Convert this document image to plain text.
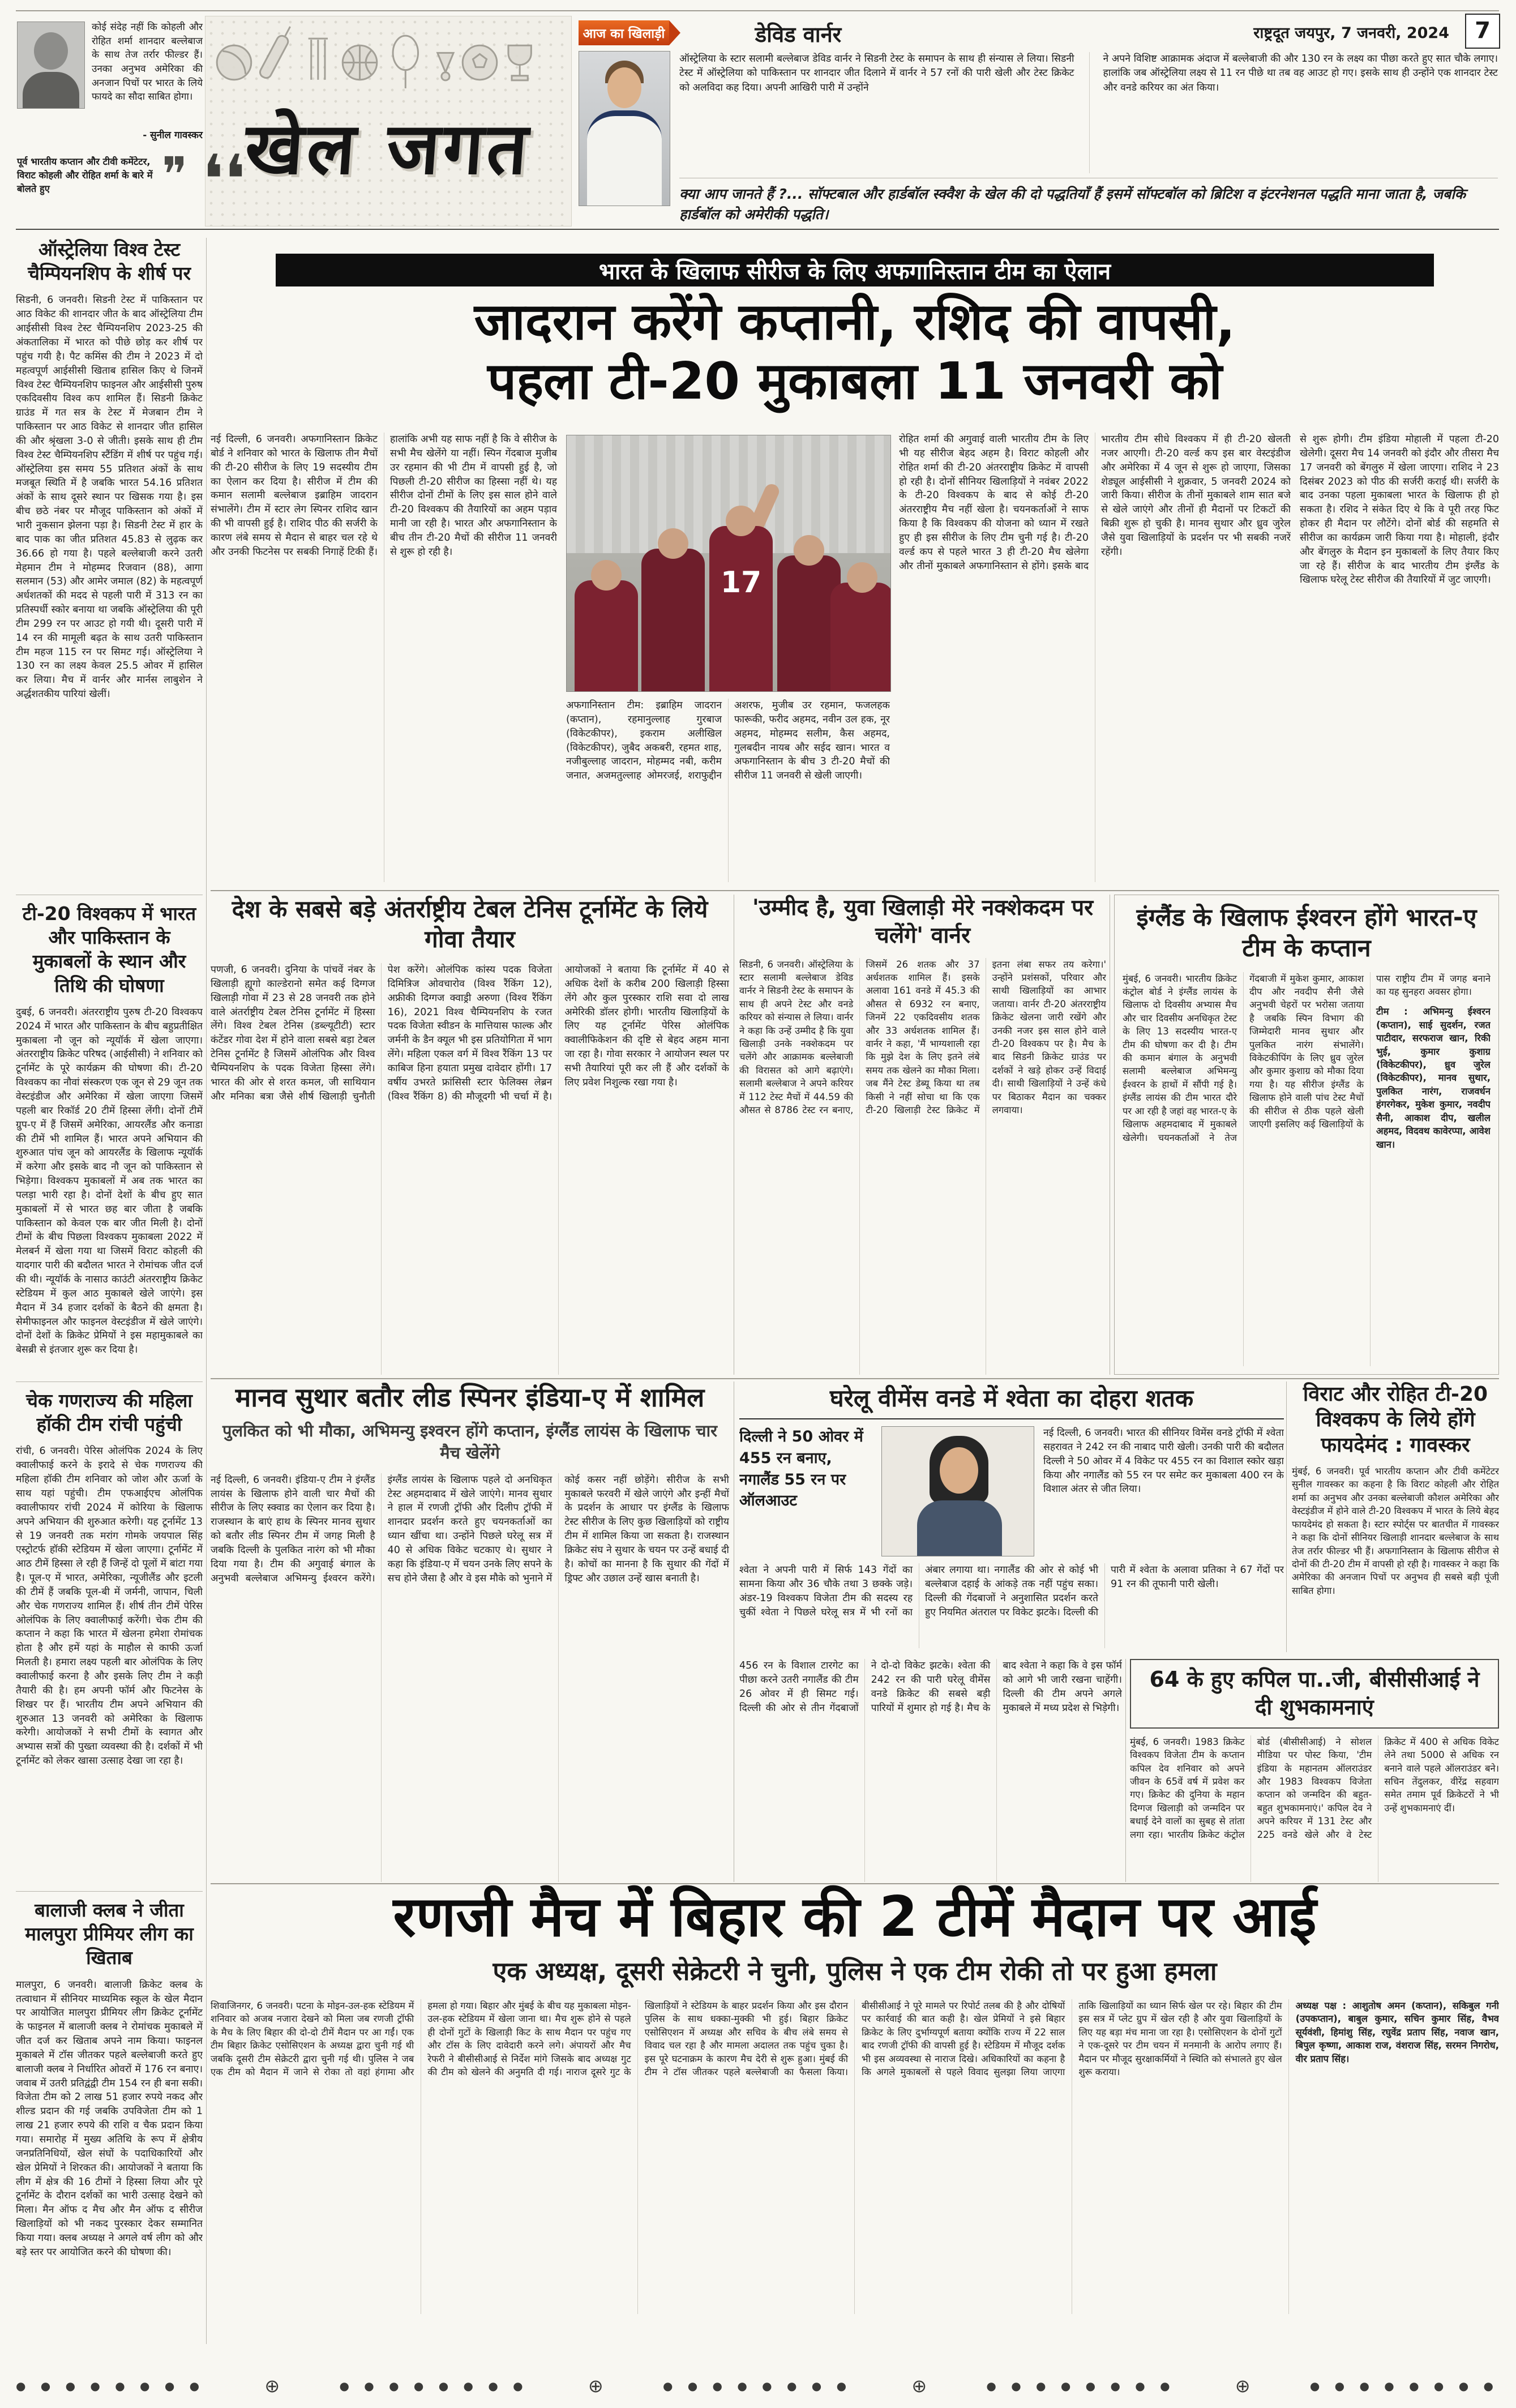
कोई संदेह नहीं कि कोहली और रोहित शर्मा शानदार बल्लेबाज के साथ तेज तर्रार फील्डर हैं। उनका अनुभव अमेरिका की अनजान पिचों पर भारत के लिये फायदे का सौदा साबित होगा।
- सुनील गावस्कर
पूर्व भारतीय कप्तान और टीवी कमेंटेटर, विराट कोहली और रोहित शर्मा के बारे में बोलते हुए	❞ ❛❛
खेल जगत
आज का खिलाड़ी	डेविड वार्नर	राष्ट्रदूत जयपुर, 7 जनवरी, 2024	7
ऑस्ट्रेलिया के स्टार सलामी बल्लेबाज डेविड वार्नर ने सिडनी टेस्ट के समापन के साथ ही संन्यास ले लिया। सिडनी टेस्ट में ऑस्ट्रेलिया को पाकिस्तान पर शानदार जीत दिलाने में वार्नर ने 57 रनों की पारी खेली और टेस्ट क्रिकेट को अलविदा कह दिया। अपनी आखिरी पारी में उन्होंने
ने अपने विशिष्ट आक्रामक अंदाज में बल्लेबाजी की और 130 रन के लक्ष्य का पीछा करते हुए सात चौके लगाए। हालांकि जब ऑस्ट्रेलिया लक्ष्य से 11 रन पीछे था तब वह आउट हो गए। इसके साथ ही उन्होंने एक शानदार टेस्ट और वनडे करियर का अंत किया।
क्या आप जानते हैं ?... सॉफ्टबाल और हार्डबॉल स्क्वैश के खेल की दो पद्धतियाँ हैं इसमें सॉफ्टबॉल को ब्रिटिश व इंटरनेशनल पद्धति माना जाता है, जबकि हार्डबॉल को अमेरीकी पद्धति।
ऑस्ट्रेलिया विश्व टेस्ट चैम्पियनशिप के शीर्ष पर
सिडनी, 6 जनवरी। सिडनी टेस्ट में पाकिस्तान पर आठ विकेट की शानदार जीत के बाद ऑस्ट्रेलिया टीम आईसीसी विश्व टेस्ट चैम्पियनशिप 2023-25 की अंकतालिका में भारत को पीछे छोड़ कर शीर्ष पर पहुंच गयी है। पैट कमिंस की टीम ने 2023 में दो महत्वपूर्ण आईसीसी खिताब हासिल किए थे जिनमें विश्व टेस्ट चैम्पियनशिप फाइनल और आईसीसी पुरुष एकदिवसीय विश्व कप शामिल हैं। सिडनी क्रिकेट ग्राउंड में गत सत्र के टेस्ट में मेजबान टीम ने पाकिस्तान पर आठ विकेट से शानदार जीत हासिल की और श्रृंखला 3-0 से जीती। इसके साथ ही टीम विश्व टेस्ट चैम्पियनशिप स्टैंडिंग में शीर्ष पर पहुंच गई। ऑस्ट्रेलिया इस समय 55 प्रतिशत अंकों के साथ मजबूत स्थिति में है जबकि भारत 54.16 प्रतिशत अंकों के साथ दूसरे स्थान पर खिसक गया है। इस बीच छठे नंबर पर मौजूद पाकिस्तान को अंकों में भारी नुकसान झेलना पड़ा है। सिडनी टेस्ट में हार के बाद पाक का जीत प्रतिशत 45.83 से लुढ़क कर 36.66 हो गया है। पहले बल्लेबाजी करने उतरी मेहमान टीम ने मोहम्मद रिजवान (88), आगा सलमान (53) और आमेर जमाल (82) के महत्वपूर्ण अर्धशतकों की मदद से पहली पारी में 313 रन का प्रतिस्पर्धी स्कोर बनाया था जबकि ऑस्ट्रेलिया की पूरी टीम 299 रन पर आउट हो गयी थी। दूसरी पारी में 14 रन की मामूली बढ़त के साथ उतरी पाकिस्तान टीम महज 115 रन पर सिमट गई। ऑस्ट्रेलिया ने 130 रन का लक्ष्य केवल 25.5 ओवर में हासिल कर लिया। मैच में वार्नर और मार्नस लाबुशेन ने अर्द्धशतकीय पारियां खेलीं।
टी-20 विश्वकप में भारत और पाकिस्तान के मुकाबलों के स्थान और तिथि की घोषणा
दुबई, 6 जनवरी। अंतरराष्ट्रीय पुरुष टी-20 विश्वकप 2024 में भारत और पाकिस्तान के बीच बहुप्रतीक्षित मुकाबला नौ जून को न्यूयॉर्क में खेला जाएगा। अंतरराष्ट्रीय क्रिकेट परिषद (आईसीसी) ने शनिवार को टूर्नामेंट के पूरे कार्यक्रम की घोषणा की। टी-20 विश्वकप का नौवां संस्करण एक जून से 29 जून तक वेस्टइंडीज और अमेरिका में खेला जाएगा जिसमें पहली बार रिकॉर्ड 20 टीमें हिस्सा लेंगी। दोनों टीमें ग्रुप-ए में हैं जिसमें अमेरिका, आयरलैंड और कनाडा की टीमें भी शामिल हैं। भारत अपने अभियान की शुरुआत पांच जून को आयरलैंड के खिलाफ न्यूयॉर्क में करेगा और इसके बाद नौ जून को पाकिस्तान से भिड़ेगा। विश्वकप मुकाबलों में अब तक भारत का पलड़ा भारी रहा है। दोनों देशों के बीच हुए सात मुकाबलों में से भारत छह बार जीता है जबकि पाकिस्तान को केवल एक बार जीत मिली है। दोनों टीमों के बीच पिछला विश्वकप मुकाबला 2022 में मेलबर्न में खेला गया था जिसमें विराट कोहली की यादगार पारी की बदौलत भारत ने रोमांचक जीत दर्ज की थी। न्यूयॉर्क के नासाउ काउंटी अंतरराष्ट्रीय क्रिकेट स्टेडियम में कुल आठ मुकाबले खेले जाएंगे। इस मैदान में 34 हजार दर्शकों के बैठने की क्षमता है। सेमीफाइनल और फाइनल वेस्टइंडीज में खेले जाएंगे। दोनों देशों के क्रिकेट प्रेमियों ने इस महामुकाबले का बेसब्री से इंतजार शुरू कर दिया है।
चेक गणराज्य की महिला हॉकी टीम रांची पहुंची
रांची, 6 जनवरी। पेरिस ओलंपिक 2024 के लिए क्वालीफाई करने के इरादे से चेक गणराज्य की महिला हॉकी टीम शनिवार को जोश और ऊर्जा के साथ यहां पहुंची। टीम एफआईएच ओलंपिक क्वालीफायर रांची 2024 में कोरिया के खिलाफ अपने अभियान की शुरुआत करेगी। यह टूर्नामेंट 13 से 19 जनवरी तक मरांग गोमके जयपाल सिंह एस्ट्रोटर्फ हॉकी स्टेडियम में खेला जाएगा। टूर्नामेंट में आठ टीमें हिस्सा ले रही हैं जिन्हें दो पूलों में बांटा गया है। पूल-ए में भारत, अमेरिका, न्यूजीलैंड और इटली की टीमें हैं जबकि पूल-बी में जर्मनी, जापान, चिली और चेक गणराज्य शामिल हैं। शीर्ष तीन टीमें पेरिस ओलंपिक के लिए क्वालीफाई करेंगी। चेक टीम की कप्तान ने कहा कि भारत में खेलना हमेशा रोमांचक होता है और हमें यहां के माहौल से काफी ऊर्जा मिलती है। हमारा लक्ष्य पहली बार ओलंपिक के लिए क्वालीफाई करना है और इसके लिए टीम ने कड़ी तैयारी की है। हम अपनी फॉर्म और फिटनेस के शिखर पर हैं। भारतीय टीम अपने अभियान की शुरुआत 13 जनवरी को अमेरिका के खिलाफ करेगी। आयोजकों ने सभी टीमों के स्वागत और अभ्यास सत्रों की पुख्ता व्यवस्था की है। दर्शकों में भी टूर्नामेंट को लेकर खासा उत्साह देखा जा रहा है।
बालाजी क्लब ने जीता मालपुरा प्रीमियर लीग का खिताब
मालपुरा, 6 जनवरी। बालाजी क्रिकेट क्लब के तत्वाधान में सीनियर माध्यमिक स्कूल के खेल मैदान पर आयोजित मालपुरा प्रीमियर लीग क्रिकेट टूर्नामेंट के फाइनल में बालाजी क्लब ने रोमांचक मुकाबले में जीत दर्ज कर खिताब अपने नाम किया। फाइनल मुकाबले में टॉस जीतकर पहले बल्लेबाजी करते हुए बालाजी क्लब ने निर्धारित ओवरों में 176 रन बनाए। जवाब में उतरी प्रतिद्वंद्वी टीम 154 रन ही बना सकी। विजेता टीम को 2 लाख 51 हजार रुपये नकद और शील्ड प्रदान की गई जबकि उपविजेता टीम को 1 लाख 21 हजार रुपये की राशि व चैक प्रदान किया गया। समारोह में मुख्य अतिथि के रूप में क्षेत्रीय जनप्रतिनिधियों, खेल संघों के पदाधिकारियों और खेल प्रेमियों ने शिरकत की। आयोजकों ने बताया कि लीग में क्षेत्र की 16 टीमों ने हिस्सा लिया और पूरे टूर्नामेंट के दौरान दर्शकों का भारी उत्साह देखने को मिला। मैन ऑफ द मैच और मैन ऑफ द सीरीज खिलाड़ियों को भी नकद पुरस्कार देकर सम्मानित किया गया। क्लब अध्यक्ष ने अगले वर्ष लीग को और बड़े स्तर पर आयोजित करने की घोषणा की।
भारत के खिलाफ सीरीज के लिए अफगानिस्तान टीम का ऐलान
जादरान करेंगे कप्तानी, रशिद की वापसी,
पहला टी-20 मुकाबला 11 जनवरी को
नई दिल्ली, 6 जनवरी। अफगानिस्तान क्रिकेट बोर्ड ने शनिवार को भारत के खिलाफ तीन मैचों की टी-20 सीरीज के लिए 19 सदस्यीय टीम का ऐलान कर दिया है। सीरीज में टीम की कमान सलामी बल्लेबाज इब्राहिम जादरान संभालेंगे। टीम में स्टार लेग स्पिनर राशिद खान की भी वापसी हुई है। राशिद पीठ की सर्जरी के कारण लंबे समय से मैदान से बाहर चल रहे थे और उनकी फिटनेस पर सबकी निगाहें टिकी हैं। हालांकि अभी यह साफ नहीं है कि वे सीरीज के सभी मैच खेलेंगे या नहीं। स्पिन गेंदबाज मुजीब उर रहमान की भी टीम में वापसी हुई है, जो पिछली टी-20 सीरीज का हिस्सा नहीं थे। यह सीरीज दोनों टीमों के लिए इस साल होने वाले टी-20 विश्वकप की तैयारियों का अहम पड़ाव मानी जा रही है। भारत और अफगानिस्तान के बीच तीन टी-20 मैचों की सीरीज 11 जनवरी से शुरू हो रही है।
17
अफगानिस्तान टीम: इब्राहिम जादरान (कप्तान), रहमानुल्लाह गुरबाज (विकेटकीपर), इकराम अलीखिल (विकेटकीपर), जुबैद अकबरी, रहमत शाह, नजीबुल्लाह जादरान, मोहम्मद नबी, करीम जनात, अजमतुल्लाह ओमरजई, शराफुद्दीन अशरफ, मुजीब उर रहमान, फजलहक फारूकी, फरीद अहमद, नवीन उल हक, नूर अहमद, मोहम्मद सलीम, कैस अहमद, गुलबदीन नायब और सईद खान। भारत व अफगानिस्तान के बीच 3 टी-20 मैचों की सीरीज 11 जनवरी से खेली जाएगी।
रोहित शर्मा की अगुवाई वाली भारतीय टीम के लिए भी यह सीरीज बेहद अहम है। विराट कोहली और रोहित शर्मा की टी-20 अंतरराष्ट्रीय क्रिकेट में वापसी हो रही है। दोनों सीनियर खिलाड़ियों ने नवंबर 2022 के टी-20 विश्वकप के बाद से कोई टी-20 अंतरराष्ट्रीय मैच नहीं खेला है। चयनकर्ताओं ने साफ किया है कि विश्वकप की योजना को ध्यान में रखते हुए ही इस सीरीज के लिए टीम चुनी गई है। टी-20 वर्ल्ड कप से पहले भारत 3 ही टी-20 मैच खेलेगा और तीनों मुकाबले अफगानिस्तान से होंगे। इसके बाद भारतीय टीम सीधे विश्वकप में ही टी-20 खेलती नजर आएगी। टी-20 वर्ल्ड कप इस बार वेस्टइंडीज और अमेरिका में 4 जून से शुरू हो जाएगा, जिसका शेड्यूल आईसीसी ने शुक्रवार, 5 जनवरी 2024 को जारी किया। सीरीज के तीनों मुकाबले शाम सात बजे से खेले जाएंगे और तीनों ही मैदानों पर टिकटों की बिक्री शुरू हो चुकी है। मानव सुथार और ध्रुव जुरेल जैसे युवा खिलाड़ियों के प्रदर्शन पर भी सबकी नजरें रहेंगी।
से शुरू होगी। टीम इंडिया मोहाली में पहला टी-20 खेलेगी। दूसरा मैच 14 जनवरी को इंदौर और तीसरा मैच 17 जनवरी को बेंगलुरु में खेला जाएगा। राशिद ने 23 दिसंबर 2023 को पीठ की सर्जरी कराई थी। सर्जरी के बाद उनका पहला मुकाबला भारत के खिलाफ ही हो सकता है। रशिद ने संकेत दिए थे कि वे पूरी तरह फिट होकर ही मैदान पर लौटेंगे। दोनों बोर्ड की सहमति से सीरीज का कार्यक्रम जारी किया गया है। मोहाली, इंदौर और बेंगलुरु के मैदान इन मुकाबलों के लिए तैयार किए जा रहे हैं। सीरीज के बाद भारतीय टीम इंग्लैंड के खिलाफ घरेलू टेस्ट सीरीज की तैयारियों में जुट जाएगी।
देश के सबसे बड़े अंत‍र्राष्ट्रीय टेबल टेनिस टूर्नामेंट के लिये गोवा तैयार
पणजी, 6 जनवरी। दुनिया के पांचवें नंबर के खिलाड़ी ह्यूगो काल्डेरानो समेत कई दिग्गज खिलाड़ी गोवा में 23 से 28 जनवरी तक होने वाले अंतर्राष्ट्रीय टेबल टेनिस टूर्नामेंट में हिस्सा लेंगे। विश्व टेबल टेनिस (डब्ल्यूटीटी) स्टार कंटेंडर गोवा देश में होने वाला सबसे बड़ा टेबल टेनिस टूर्नामेंट है जिसमें ओलंपिक और विश्व चैम्पियनशिप के पदक विजेता हिस्सा लेंगे। भारत की ओर से शरत कमल, जी साथियान और मनिका बत्रा जैसे शीर्ष खिलाड़ी चुनौती पेश करेंगे। ओलंपिक कांस्य पदक विजेता दिमित्रिज ओवचारोव (विश्व रैंकिंग 12), अफ्रीकी दिग्गज क्वाड्री अरुणा (विश्व रैंकिंग 16), 2021 विश्व चैम्पियनशिप के रजत पदक विजेता स्वीडन के मात्तियास फाल्क और जर्मनी के डैन क्यूल भी इस प्रतियोगिता में भाग लेंगे। महिला एकल वर्ग में विश्व रैंकिंग 13 पर काबिज हिना हयाता प्रमुख दावेदार होंगी। 17 वर्षीय उभरते फ्रांसिसी स्टार फेलिक्स लेब्रन (विश्व रैंकिंग 8) की मौजूदगी भी चर्चा में है। आयोजकों ने बताया कि टूर्नामेंट में 40 से अधिक देशों के करीब 200 खिलाड़ी हिस्सा लेंगे और कुल पुरस्कार राशि सवा दो लाख अमेरिकी डॉलर होगी। भारतीय खिलाड़ियों के लिए यह टूर्नामेंट पेरिस ओलंपिक क्वालीफिकेशन की दृष्टि से बेहद अहम माना जा रहा है। गोवा सरकार ने आयोजन स्थल पर सभी तैयारियां पूरी कर ली हैं और दर्शकों के लिए प्रवेश निशुल्क रखा गया है।
'उम्मीद है, युवा खिलाड़ी मेरे नक्शेकदम पर चलेंगे' वार्नर
सिडनी, 6 जनवरी। ऑस्ट्रेलिया के स्टार सलामी बल्लेबाज डेविड वार्नर ने सिडनी टेस्ट के समापन के साथ ही अपने टेस्ट और वनडे करियर को संन्यास ले लिया। वार्नर ने कहा कि उन्हें उम्मीद है कि युवा खिलाड़ी उनके नक्शेकदम पर चलेंगे और आक्रामक बल्लेबाजी की विरासत को आगे बढ़ाएंगे। सलामी बल्लेबाज ने अपने करियर में 112 टेस्ट मैचों में 44.59 की औसत से 8786 टेस्ट रन बनाए, जिसमें 26 शतक और 37 अर्धशतक शामिल हैं। इसके अलावा 161 वनडे में 45.3 की औसत से 6932 रन बनाए, जिनमें 22 एकदिवसीय शतक और 33 अर्धशतक शामिल हैं। वार्नर ने कहा, 'मैं भाग्यशाली रहा कि मुझे देश के लिए इतने लंबे समय तक खेलने का मौका मिला। जब मैंने टेस्ट डेब्यू किया था तब किसी ने नहीं सोचा था कि एक टी-20 खिलाड़ी टेस्ट क्रिकेट में इतना लंबा सफर तय करेगा।' उन्होंने प्रशंसकों, परिवार और साथी खिलाड़ियों का आभार जताया। वार्नर टी-20 अंतरराष्ट्रीय क्रिकेट खेलना जारी रखेंगे और उनकी नजर इस साल होने वाले टी-20 विश्वकप पर है। मैच के बाद सिडनी क्रिकेट ग्राउंड पर दर्शकों ने खड़े होकर उन्हें विदाई दी। साथी खिलाड़ियों ने उन्हें कंधे पर बिठाकर मैदान का चक्कर लगवाया।
इंग्लैंड के खिलाफ ईश्वरन होंगे भारत-ए टीम के कप्तान
मुंबई, 6 जनवरी। भारतीय क्रिकेट कंट्रोल बोर्ड ने इंग्लैंड लायंस के खिलाफ दो दिवसीय अभ्यास मैच और चार दिवसीय अनधिकृत टेस्ट के लिए 13 सदस्यीय भारत-ए टीम की घोषणा कर दी है। टीम की कमान बंगाल के अनुभवी सलामी बल्लेबाज अभिमन्यु ईश्वरन के हाथों में सौंपी गई है। इंग्लैंड लायंस की टीम भारत दौरे पर आ रही है जहां वह भारत-ए के खिलाफ अहमदाबाद में मुकाबले खेलेगी। चयनकर्ताओं ने तेज गेंदबाजी में मुकेश कुमार, आकाश दीप और नवदीप सैनी जैसे अनुभवी चेहरों पर भरोसा जताया है जबकि स्पिन विभाग की जिम्मेदारी मानव सुथार और पुलकित नारंग संभालेंगे। विकेटकीपिंग के लिए ध्रुव जुरेल और कुमार कुशाग्र को मौका दिया गया है। यह सीरीज इंग्लैंड के खिलाफ होने वाली पांच टेस्ट मैचों की सीरीज से ठीक पहले खेली जाएगी इसलिए कई खिलाड़ियों के पास राष्ट्रीय टीम में जगह बनाने का यह सुनहरा अवसर होगा।
टीम : अभिमन्यु ईश्वरन (कप्तान), साई सुदर्शन, रजत पाटीदार, सरफराज खान, रिकी भुई, कुमार कुशाग्र (विकेटकीपर), ध्रुव जुरेल (विकेटकीपर), मानव सुथार, पुलकित नारंग, राजवर्धन हंगरगेकर, मुकेश कुमार, नवदीप सैनी, आकाश दीप, खलील अहमद, विदवथ कावेरप्पा, आवेश खान।
मानव सुथार बतौर लीड स्पिनर इंडिया-ए में शामिल
पुलकित को भी मौका, अभिमन्यु इश्वरन होंगे कप्तान, इंग्लैंड लायंस के खिलाफ चार मैच खेलेंगे
नई दिल्ली, 6 जनवरी। इंडिया-ए टीम ने इंग्लैंड लायंस के खिलाफ होने वाली चार मैचों की सीरीज के लिए स्क्वाड का ऐलान कर दिया है। राजस्थान के बाएं हाथ के स्पिनर मानव सुथार को बतौर लीड स्पिनर टीम में जगह मिली है जबकि दिल्ली के पुलकित नारंग को भी मौका दिया गया है। टीम की अगुवाई बंगाल के अनुभवी बल्लेबाज अभिमन्यु ईश्वरन करेंगे। इंग्लैंड लायंस के खिलाफ पहले दो अनधिकृत टेस्ट अहमदाबाद में खेले जाएंगे। मानव सुथार ने हाल में रणजी ट्रॉफी और दिलीप ट्रॉफी में शानदार प्रदर्शन करते हुए चयनकर्ताओं का ध्यान खींचा था। उन्होंने पिछले घरेलू सत्र में 40 से अधिक विकेट चटकाए थे। सुथार ने कहा कि इंडिया-ए में चयन उनके लिए सपने के सच होने जैसा है और वे इस मौके को भुनाने में कोई कसर नहीं छोड़ेंगे। सीरीज के सभी मुकाबले फरवरी में खेले जाएंगे और इन्हीं मैचों के प्रदर्शन के आधार पर इंग्लैंड के खिलाफ टेस्ट सीरीज के लिए कुछ खिलाड़ियों को राष्ट्रीय टीम में शामिल किया जा सकता है। राजस्थान क्रिकेट संघ ने सुथार के चयन पर उन्हें बधाई दी है। कोचों का मानना है कि सुथार की गेंदों में ड्रिफ्ट और उछाल उन्हें खास बनाती है।
घरेलू वीमेंस वनडे में श्वेता का दोहरा शतक
दिल्ली ने 50 ओवर में 455 रन बनाए, नगालैंड 55 रन पर ऑलआउट
नई दिल्ली, 6 जनवरी। भारत की सीनियर विमेंस वनडे ट्रॉफी में श्वेता सहरावत ने 242 रन की नाबाद पारी खेली। उनकी पारी की बदौलत दिल्ली ने 50 ओवर में 4 विकेट पर 455 रन का विशाल स्कोर खड़ा किया और नगालैंड को 55 रन पर समेट कर मुकाबला 400 रन के विशाल अंतर से जीत लिया।
श्वेता ने अपनी पारी में सिर्फ 143 गेंदों का सामना किया और 36 चौके तथा 3 छक्के जड़े। अंडर-19 विश्वकप विजेता टीम की सदस्य रह चुकीं श्वेता ने पिछले घरेलू सत्र में भी रनों का अंबार लगाया था। नगालैंड की ओर से कोई भी बल्लेबाज दहाई के आंकड़े तक नहीं पहुंच सका। दिल्ली की गेंदबाजों ने अनुशासित प्रदर्शन करते हुए नियमित अंतराल पर विकेट झटके। दिल्ली की पारी में श्वेता के अलावा प्रतिका ने 67 गेंदों पर 91 रन की तूफानी पारी खेली।
विराट और रोहित टी-20 विश्वकप के लिये होंगे फायदेमंद : गावस्कर
मुंबई, 6 जनवरी। पूर्व भारतीय कप्तान और टीवी कमेंटेटर सुनील गावस्कर का कहना है कि विराट कोहली और रोहित शर्मा का अनुभव और उनका बल्लेबाजी कौशल अमेरिका और वेस्टइंडीज में होने वाले टी-20 विश्वकप में भारत के लिये बेहद फायदेमंद हो सकता है। स्टार स्पोर्ट्स पर बातचीत में गावस्कर ने कहा कि दोनों सीनियर खिलाड़ी शानदार बल्लेबाज के साथ तेज तर्रार फील्डर भी हैं। अफगानिस्तान के खिलाफ सीरीज से दोनों की टी-20 टीम में वापसी हो रही है। गावस्कर ने कहा कि अमेरिका की अनजान पिचों पर अनुभव ही सबसे बड़ी पूंजी साबित होगा।
456 रन के विशाल टारगेट का पीछा करने उतरी नगालैंड की टीम 26 ओवर में ही सिमट गई। दिल्ली की ओर से तीन गेंदबाजों ने दो-दो विकेट झटके। श्वेता की 242 रन की पारी घरेलू वीमेंस वनडे क्रिकेट की सबसे बड़ी पारियों में शुमार हो गई है। मैच के बाद श्वेता ने कहा कि वे इस फॉर्म को आगे भी जारी रखना चाहेंगी। दिल्ली की टीम अपने अगले मुकाबले में मध्य प्रदेश से भिड़ेगी।
64 के हुए कपिल पा..जी, बीसीसीआई ने दी शुभकामनाएं
मुंबई, 6 जनवरी। 1983 क्रिकेट विश्वकप विजेता टीम के कप्तान कपिल देव शनिवार को अपने जीवन के 65वें वर्ष में प्रवेश कर गए। क्रिकेट की दुनिया के महान दिग्गज खिलाड़ी को जन्मदिन पर बधाई देने वालों का सुबह से तांता लगा रहा। भारतीय क्रिकेट कंट्रोल बोर्ड (बीसीसीआई) ने सोशल मीडिया पर पोस्ट किया, 'टीम इंडिया के महानतम ऑलराउंडर और 1983 विश्वकप विजेता कप्तान को जन्मदिन की बहुत-बहुत शुभकामनाएं।' कपिल देव ने अपने करियर में 131 टेस्ट और 225 वनडे खेले और वे टेस्ट क्रिकेट में 400 से अधिक विकेट लेने तथा 5000 से अधिक रन बनाने वाले पहले ऑलराउंडर बने। सचिन तेंदुलकर, वीरेंद्र सहवाग समेत तमाम पूर्व क्रिकेटरों ने भी उन्हें शुभकामनाएं दीं।
रणजी मैच में बिहार की 2 टीमें मैदान पर आई
एक अध्यक्ष, दूसरी सेक्रेटरी ने चुनी, पुलिस ने एक टीम रोकी तो पर हुआ हमला
शिवाजिनगर, 6 जनवरी। पटना के मोइन-उल-हक स्टेडियम में शनिवार को अजब नजारा देखने को मिला जब रणजी ट्रॉफी के मैच के लिए बिहार की दो-दो टीमें मैदान पर आ गईं। एक टीम बिहार क्रिकेट एसोसिएशन के अध्यक्ष द्वारा चुनी गई थी जबकि दूसरी टीम सेक्रेटरी द्वारा चुनी गई थी। पुलिस ने जब एक टीम को मैदान में जाने से रोका तो वहां हंगामा और हमला हो गया। बिहार और मुंबई के बीच यह मुकाबला मोइन-उल-हक स्टेडियम में खेला जाना था। मैच शुरू होने से पहले ही दोनों गुटों के खिलाड़ी किट के साथ मैदान पर पहुंच गए और टॉस के लिए दावेदारी करने लगे। अंपायरों और मैच रेफरी ने बीसीसीआई से निर्देश मांगे जिसके बाद अध्यक्ष गुट की टीम को खेलने की अनुमति दी गई। नाराज दूसरे गुट के खिलाड़ियों ने स्टेडियम के बाहर प्रदर्शन किया और इस दौरान पुलिस के साथ धक्का-मुक्की भी हुई। बिहार क्रिकेट एसोसिएशन में अध्यक्ष और सचिव के बीच लंबे समय से विवाद चल रहा है और मामला अदालत तक पहुंच चुका है। इस पूरे घटनाक्रम के कारण मैच देरी से शुरू हुआ। मुंबई की टीम ने टॉस जीतकर पहले बल्लेबाजी का फैसला किया। बीसीसीआई ने पूरे मामले पर रिपोर्ट तलब की है और दोषियों पर कार्रवाई की बात कही है। खेल प्रेमियों ने इसे बिहार क्रिकेट के लिए दुर्भाग्यपूर्ण बताया क्योंकि राज्य में 22 साल बाद रणजी ट्रॉफी की वापसी हुई है। स्टेडियम में मौजूद दर्शक भी इस अव्यवस्था से नाराज दिखे। अधिकारियों का कहना है कि अगले मुकाबलों से पहले विवाद सुलझा लिया जाएगा ताकि खिलाड़ियों का ध्यान सिर्फ खेल पर रहे। बिहार की टीम इस सत्र में प्लेट ग्रुप में खेल रही है और युवा खिलाड़ियों के लिए यह बड़ा मंच माना जा रहा है। एसोसिएशन के दोनों गुटों ने एक-दूसरे पर टीम चयन में मनमानी के आरोप लगाए हैं। मैदान पर मौजूद सुरक्षाकर्मियों ने स्थिति को संभालते हुए खेल शुरू कराया।
अध्यक्ष पक्ष : आशुतोष अमन (कप्तान), सकिबुल गनी (उपकप्तान), बाबुल कुमार, सचिन कुमार सिंह, वैभव सूर्यवंशी, हिमांशु सिंह, रघुवेंद्र प्रताप सिंह, नवाज खान, बिपुल कृष्णा, आकाश राज, वंशराज सिंह, सरमन निगरोध, वीर प्रताप सिंह।
● ● ● ● ● ● ● ●	⊕	● ● ● ● ● ● ● ●	⊕	● ● ● ● ● ● ● ●	⊕	● ● ● ● ● ● ● ●	⊕	● ● ● ● ● ● ● ●
